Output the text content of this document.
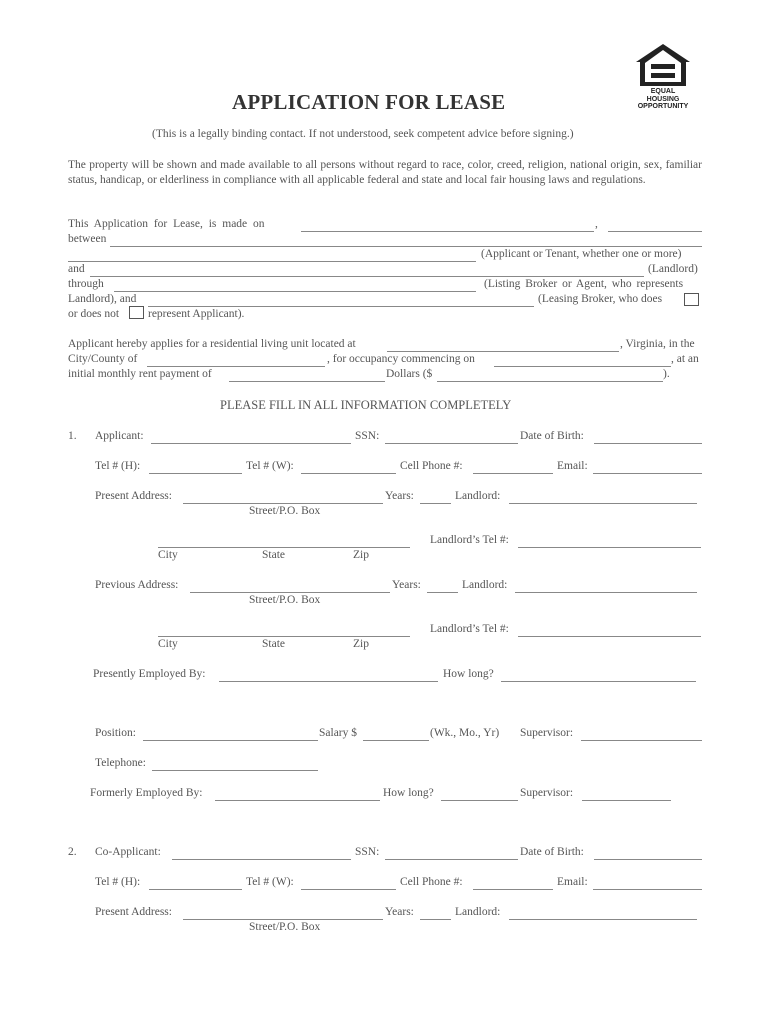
EQUAL HOUSING OPPORTUNITY
APPLICATION FOR LEASE
(This is a legally binding contact. If not understood, seek competent advice before signing.)
The property will be shown and made available to all persons without regard to race, color, creed, religion, national origin, sex, familiar status, handicap, or elderliness in compliance with all applicable federal and state and local fair housing laws and regulations.
This Application for Lease, is made on	,
between
(Applicant or Tenant, whether one or more)
and	(Landlord)
through	(Listing Broker or Agent, who represents
Landlord), and	(Leasing Broker, who does
or does not	represent Applicant).
Applicant hereby applies for a residential living unit located at	, Virginia, in the
City/County of	, for occupancy commencing on	, at an
initial monthly rent payment of	Dollars ($	).
PLEASE FILL IN ALL INFORMATION COMPLETELY
1. Applicant:	SSN:	Date of Birth:
Tel # (H):	Tel # (W):	Cell Phone #:	Email:
Present Address:	Years:	Landlord:
Street/P.O. Box
Landlord’s Tel #:
City	State	Zip
Previous Address:	Years:	Landlord:
Street/P.O. Box
Landlord’s Tel #:
City	State	Zip
Presently Employed By:	How long?
Position:	Salary $	(Wk., Mo., Yr) Supervisor:
Telephone:
Formerly Employed By:	How long?	Supervisor:
2. Co-Applicant:	SSN:	Date of Birth:
Tel # (H):	Tel # (W):	Cell Phone #:	Email:
Present Address:	Years:	Landlord:
Street/P.O. Box
